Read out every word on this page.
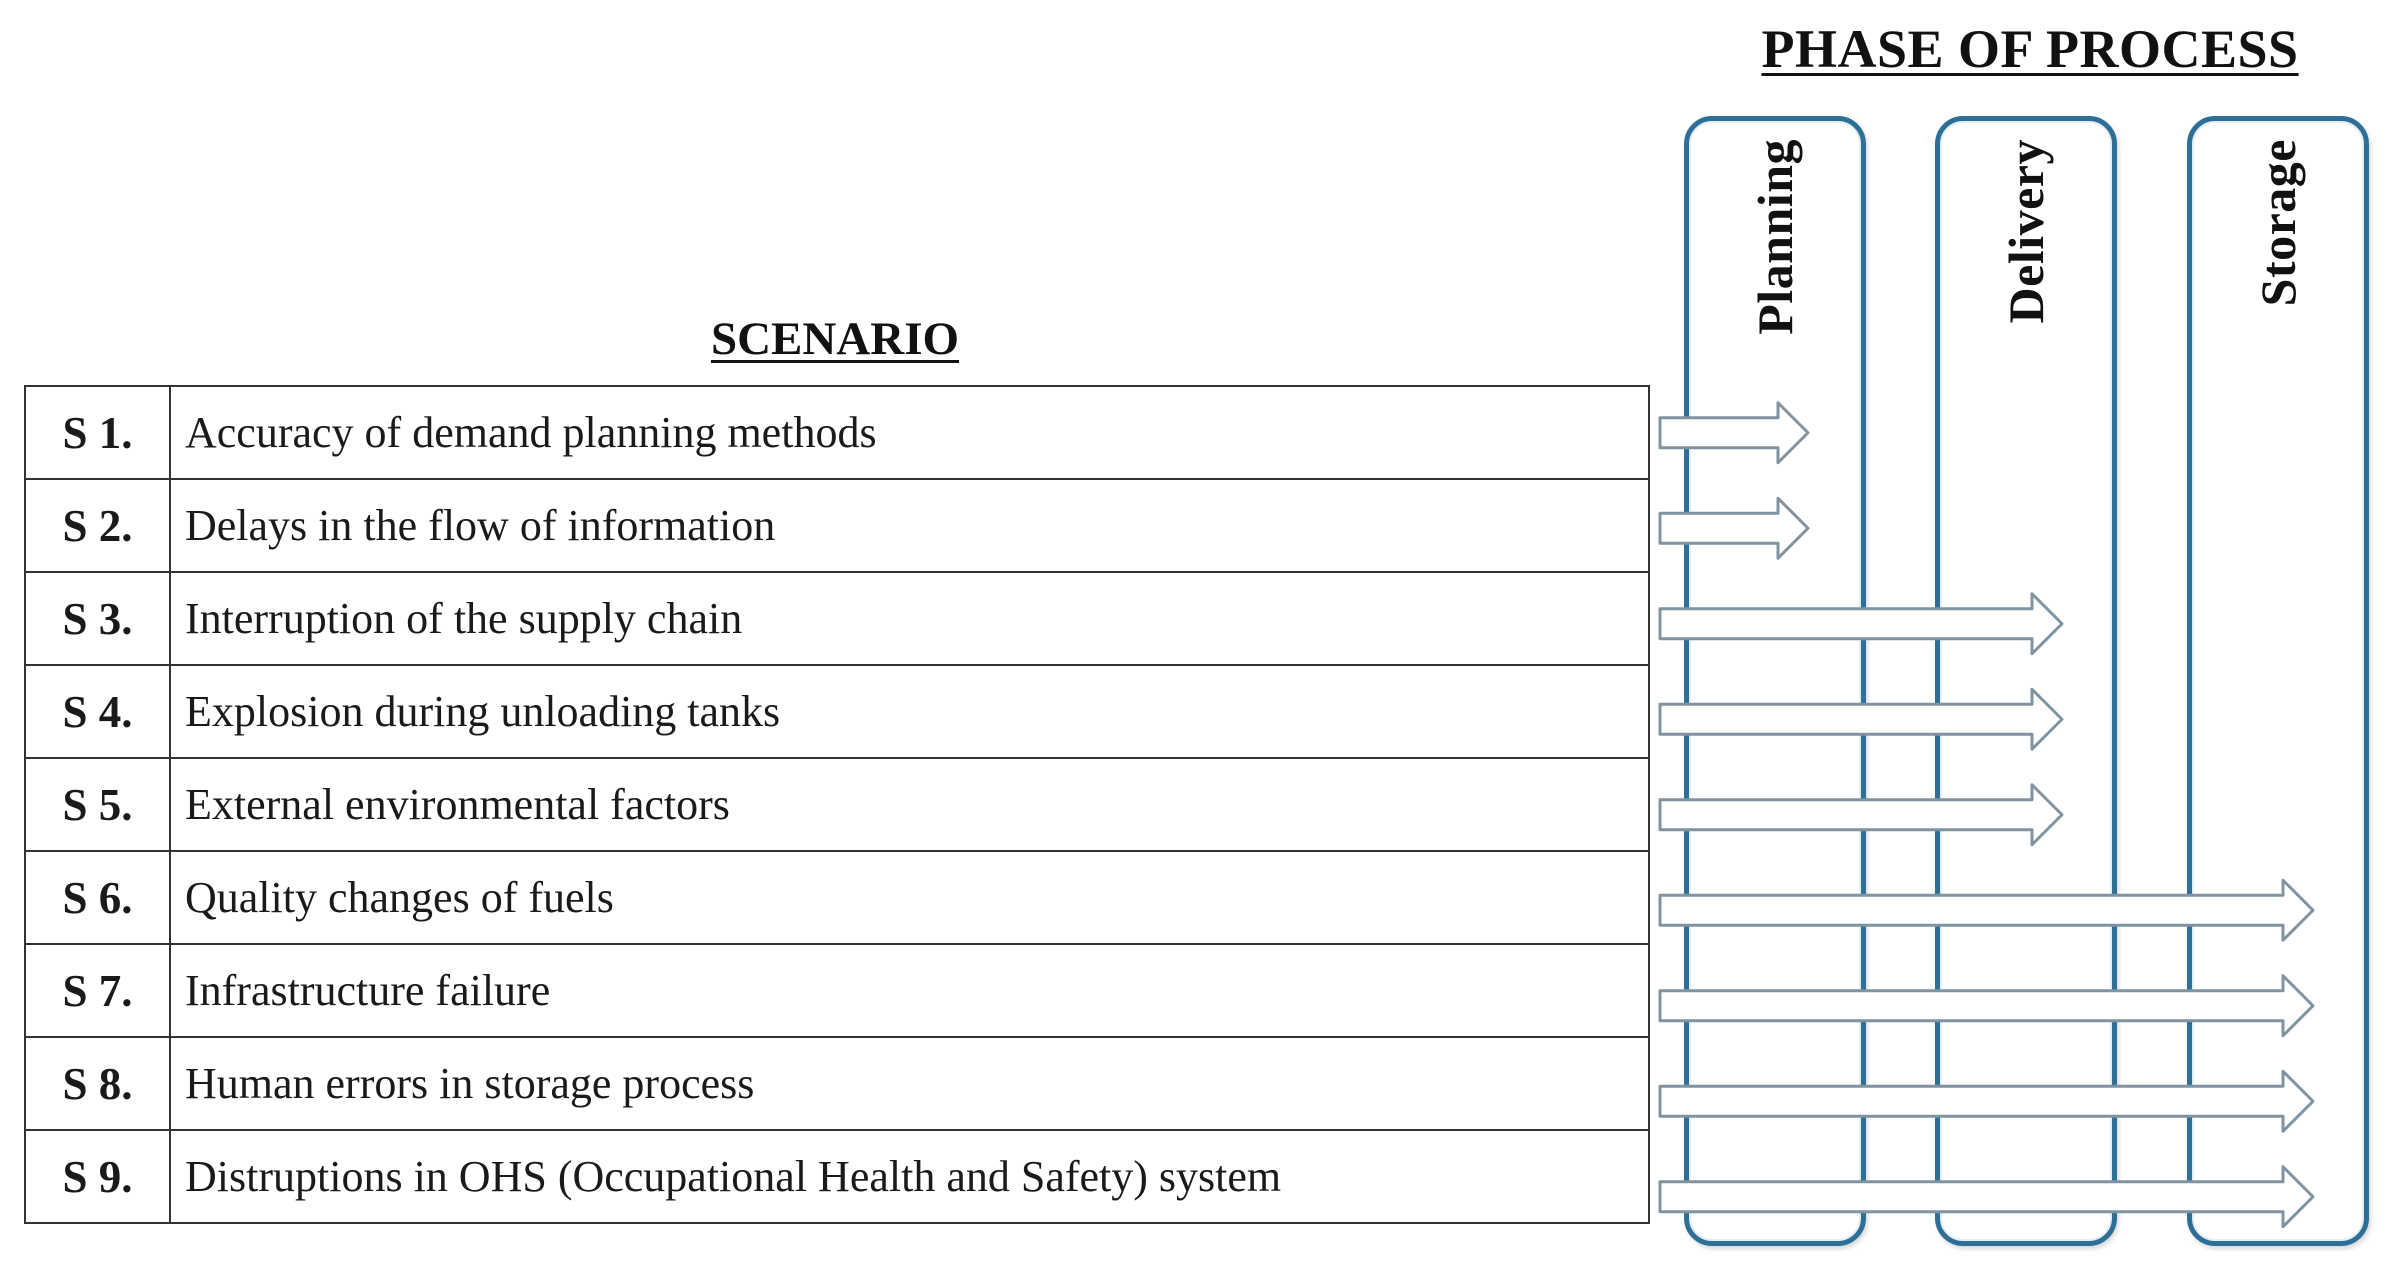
PHASE OF PROCESS
Planning	Delivery	Storage
SCENARIO
S 1.	Accuracy of demand planning methods
S 2.	Delays in the flow of information
S 3.	Interruption of the supply chain
S 4.	Explosion during unloading tanks
S 5.	External environmental factors
S 6.	Quality changes of fuels
S 7.	Infrastructure failure
S 8.	Human errors in storage process
S 9.	Distruptions in OHS (Occupational Health and Safety) system
